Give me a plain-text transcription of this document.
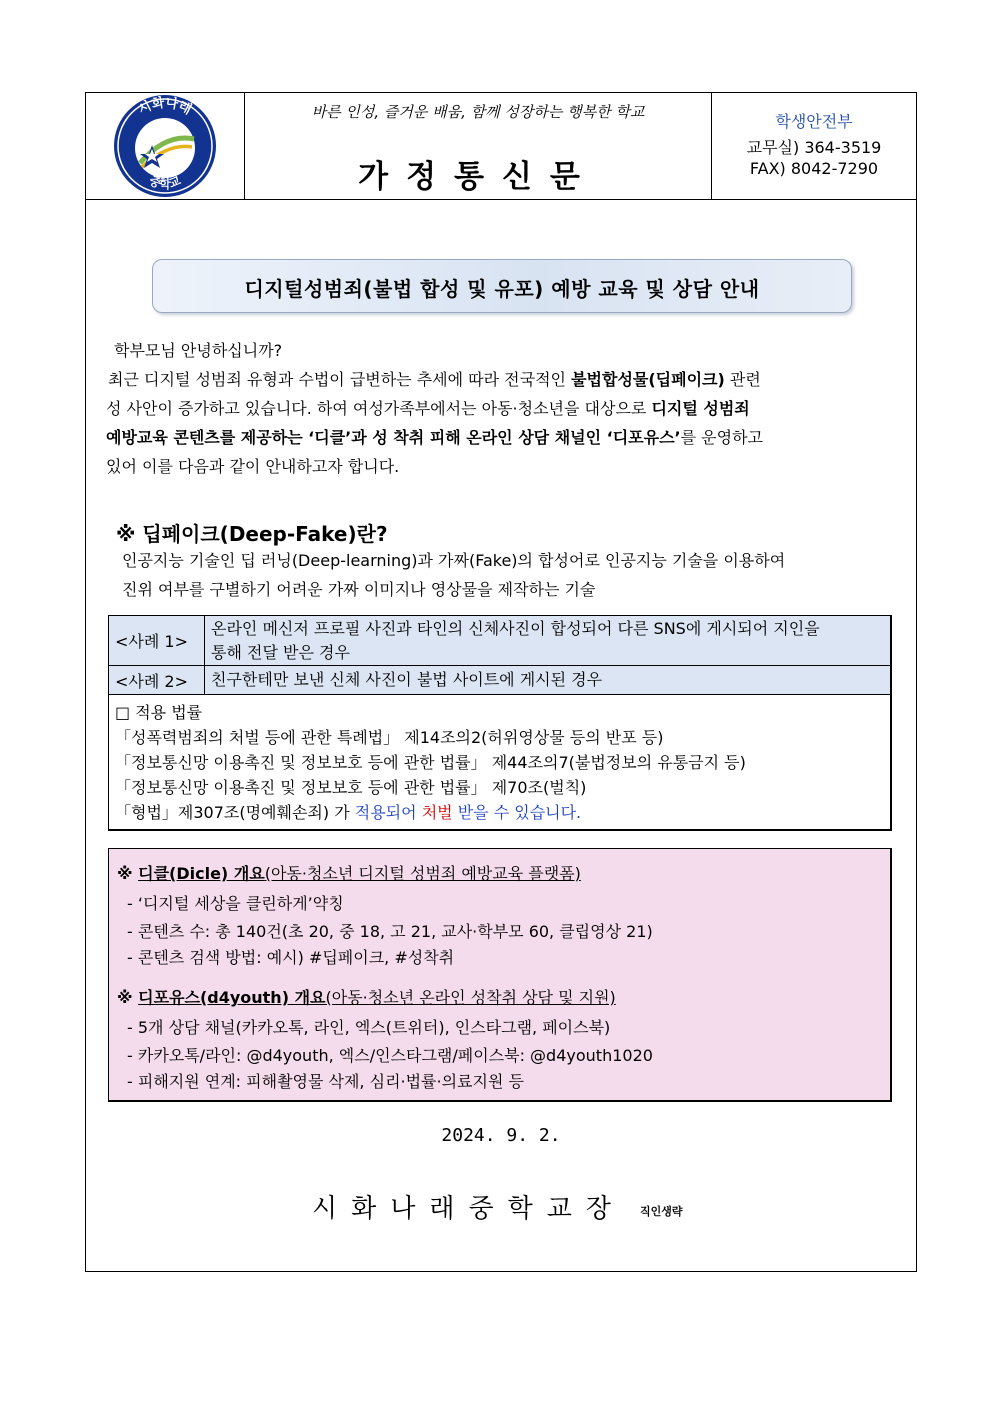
시화나래
중학교
바른 인성, 즐거운 배움, 함께 성장하는 행복한 학교
가정통신문
학생안전부
교무실) 364-3519
FAX) 8042-7290
디지털성범죄(불법 합성 및 유포) 예방 교육 및 상담 안내
학부모님 안녕하십니까?
최근 디지털 성범죄 유형과 수법이 급변하는 추세에 따라 전국적인 불법합성물(딥페이크) 관련
성 사안이 증가하고 있습니다. 하여 여성가족부에서는 아동·청소년을 대상으로 디지털 성범죄
예방교육 콘텐츠를 제공하는 ‘디클’과 성 착취 피해 온라인 상담 채널인 ‘디포유스’를 운영하고
있어 이를 다음과 같이 안내하고자 합니다.
※ 딥페이크(Deep-Fake)란?
인공지능 기술인 딥 러닝(Deep-learning)과 가짜(Fake)의 합성어로 인공지능 기술을 이용하여
진위 여부를 구별하기 어려운 가짜 이미지나 영상물을 제작하는 기술
<사례 1>
온라인 메신저 프로필 사진과 타인의 신체사진이 합성되어 다른 SNS에 게시되어 지인을
통해 전달 받은 경우
<사례 2> 친구한테만 보낸 신체 사진이 불법 사이트에 게시된 경우
□ 적용 법률
「성폭력범죄의 처벌 등에 관한 특례법」 제14조의2(허위영상물 등의 반포 등)
「정보통신망 이용촉진 및 정보보호 등에 관한 법률」 제44조의7(불법정보의 유통금지 등)
「정보통신망 이용촉진 및 정보보호 등에 관한 법률」 제70조(벌칙)
「형법」제307조(명예훼손죄) 가 적용되어 처벌 받을 수 있습니다.
※ 디클(Dicle) 개요(아동·청소년 디지털 성범죄 예방교육 플랫폼)
- ‘디지털 세상을 클린하게’약칭
- 콘텐츠 수: 총 140건(초 20, 중 18, 고 21, 교사·학부모 60, 클립영상 21)
- 콘텐츠 검색 방법: 예시) #딥페이크, #성착취
※ 디포유스(d4youth) 개요(아동·청소년 온라인 성착취 상담 및 지원)
- 5개 상담 채널(카카오톡, 라인, 엑스(트위터), 인스타그램, 페이스북)
- 카카오톡/라인: @d4youth, 엑스/인스타그램/페이스북: @d4youth1020
- 피해지원 연계: 피해촬영물 삭제, 심리·법률·의료지원 등
2024. 9. 2.
시화나래중학교장 직인생략
